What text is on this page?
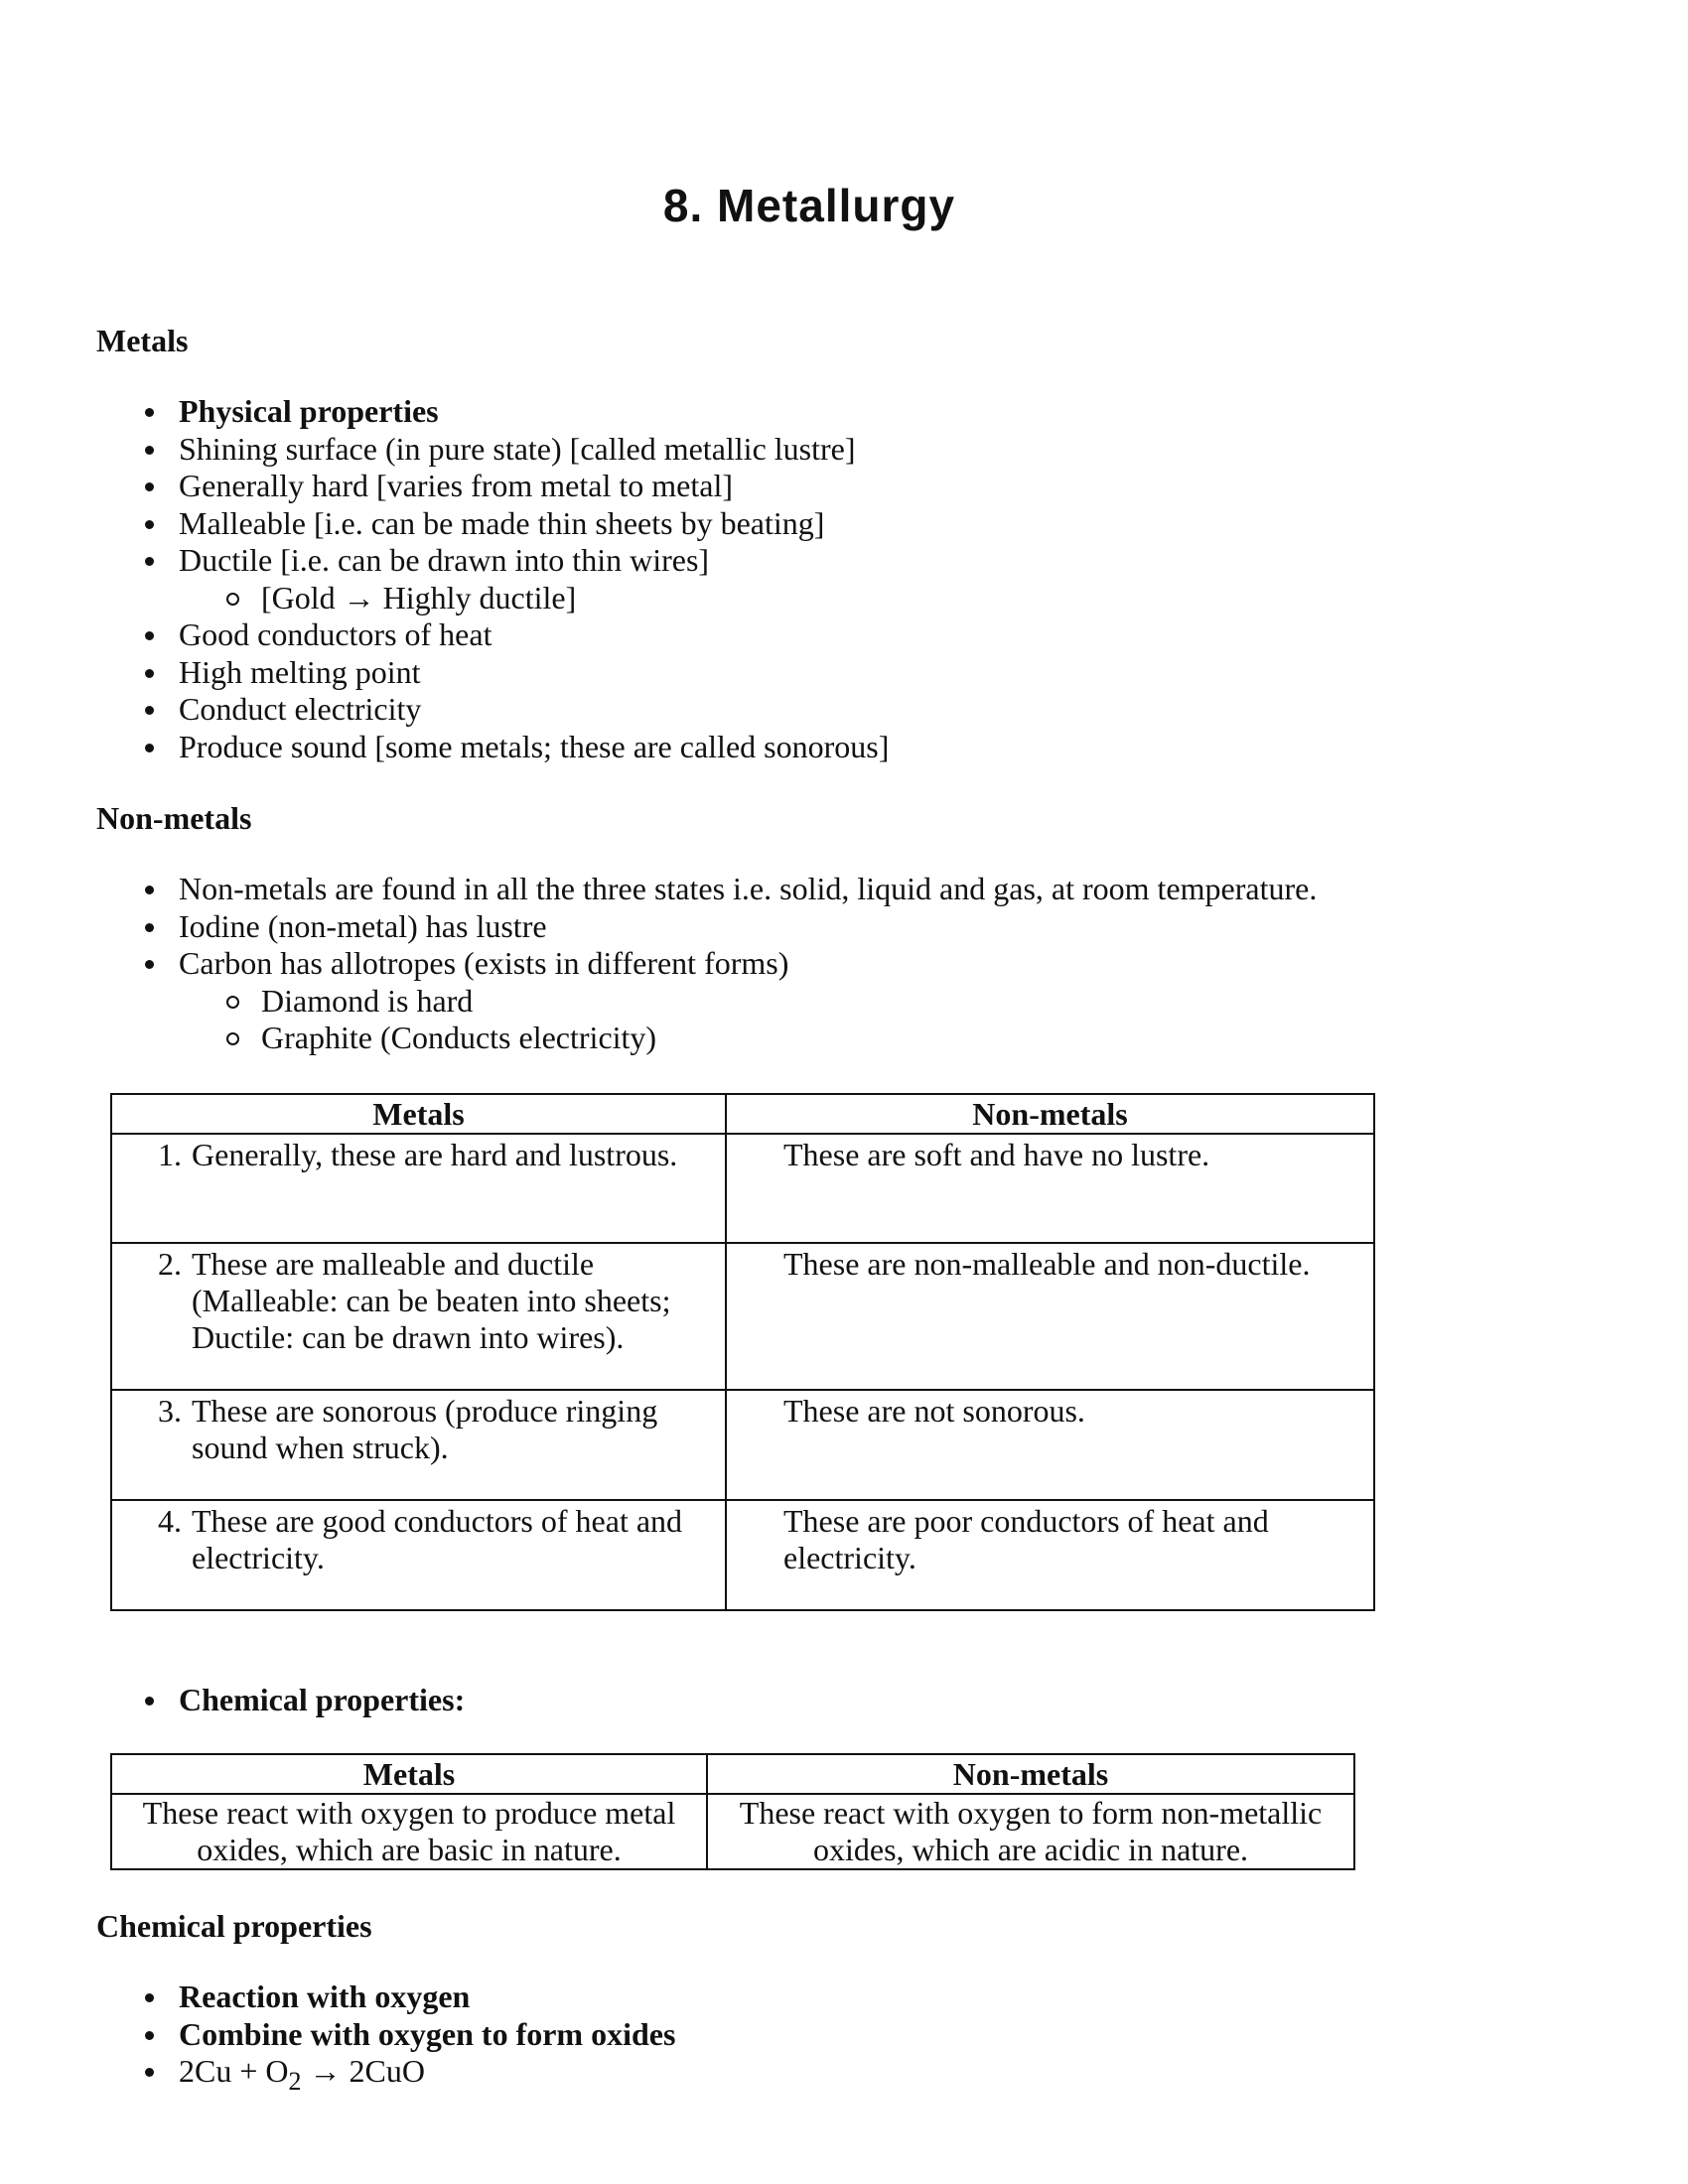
8. Metallurgy
Metals
Physical properties
Shining surface (in pure state) [called metallic lustre]
Generally hard [varies from metal to metal]
Malleable [i.e. can be made thin sheets by beating]
Ductile [i.e. can be drawn into thin wires]
[Gold → Highly ductile]
Good conductors of heat
High melting point
Conduct electricity
Produce sound [some metals; these are called sonorous]
Non-metals
Non-metals are found in all the three states i.e. solid, liquid and gas, at room temperature.
Iodine (non-metal) has lustre
Carbon has allotropes (exists in different forms)
Diamond is hard
Graphite (Conducts electricity)
Metals	Non-metals

1. Generally, these are hard and lustrous.	These are soft and have no lustre.

2. These are malleable and ductile (Malleable: can be beaten into sheets; Ductile: can be drawn into wires).	These are non-malleable and non-ductile.

3. These are sonorous (produce ringing sound when struck).	These are not sonorous.

4. These are good conductors of heat and electricity.	These are poor conductors of heat and electricity.
Chemical properties:
Metals	Non-metals
These react with oxygen to produce metal oxides, which are basic in nature.	These react with oxygen to form non-metallic oxides, which are acidic in nature.
Chemical properties
Reaction with oxygen
Combine with oxygen to form oxides
$2Cu + O_2 \to 2CuO$
